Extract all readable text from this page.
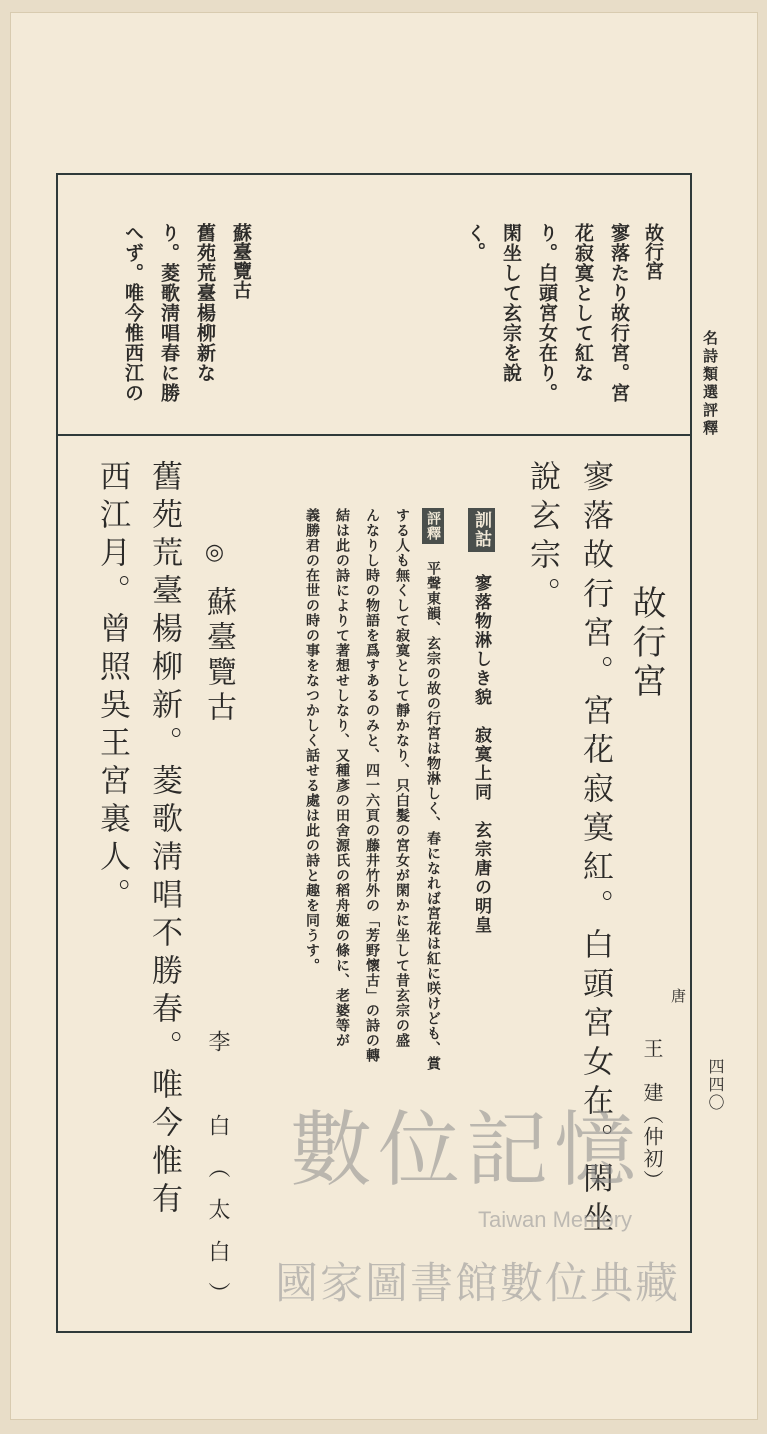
名詩類選評釋
四四〇
故行宮
寥落たり故行宮。宮
花寂寞として紅な
り。白頭宮女在り。
閑坐して玄宗を說
く。
蘇臺覽古
舊苑荒臺楊柳新な
り。菱歌淸唱春に勝
へず。唯今惟西江の
故行宮
唐
王　建（仲初）
寥落故行宮。宮花寂寞紅。白頭宮女在。閑坐
說玄宗。
訓詁 寥落物淋しき貌　寂寞上同　玄宗唐の明皇
評釋 平聲東韻、玄宗の故の行宮は物淋しく、春になれば宮花は紅に咲けども、賞
する人も無くして寂寞として靜かなり、只白髮の宮女が閑かに坐して昔玄宗の盛
んなりし時の物語を爲すあるのみと、四一六頁の藤井竹外の「芳野懷古」の詩の轉
結は此の詩によりて著想せしなり、又種彥の田舍源氏の稻舟姬の條に、老婆等が
義勝君の在世の時の事をなつかしく話せる處は此の詩と趣を同うす。
◎
蘇臺覽古
李　白（太白）
舊苑荒臺楊柳新。菱歌淸唱不勝春。唯今惟有
西江月。曾照吳王宮裏人。
數位記憶
Taiwan Memory
國家圖書館數位典藏
